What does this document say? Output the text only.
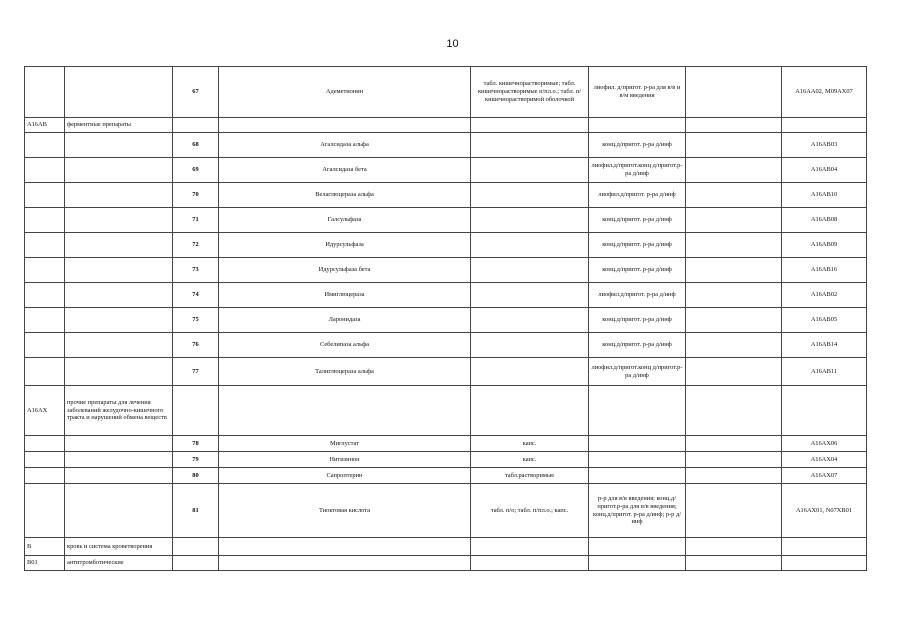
10
		67	Адеметионин	табл. кишечнорастворимые; табл. кишечнорастворимые п/пл.о.; табл. п/кишечнорастворимой оболочкой	лиофил. д/пригот. р-ра для в/в и в/м введения		A16AA02, M09AX07
A16AB	ферментные препараты						
		68	Агалсидаза альфа		конц.д/пригот. р-ра д/инф		A16AB03
		69	Агалсидаза бета		лиофил.д/пригот.конц д/пригот.р-ра д/инф		A16AB04
		70	Велаглюцераза альфа		лиофил.д/пригот. р-ра д/инф		A16AB10
		71	Галсульфаза		конц.д/пригот. р-ра д/инф		A16AB08
		72	Идурсульфаза		конц.д/пригот. р-ра д/инф		A16AB09
		73	Идурсульфаза бета		конц.д/пригот. р-ра д/инф		A16AB16
		74	Имиглюцераза		лиофил.д/пригот. р-ра д/инф		A16AB02
		75	Ларонидаза		конц.д/пригот. р-ра д/инф		A16AB05
		76	Себелипаза альфа		конц.д/пригот. р-ра д/инф		A16AB14
		77	Талиглюцераза альфа		лиофил.д/пригот.конц д/пригот.р-ра д/инф		A16AB11
A16AX	прочие препараты для лечения заболеваний желудочно-кишечного тракта и нарушений обмена веществ						
		78	Миглустат	капс.			A16AX06
		79	Нитизинон	капс.			A16AX04
		80	Сапроптерин	табл.растворимые			A16AX07
		81	Тиоктовая кислота	табл. п/о; табл. п/пл.о.; капс.	р-р для в/в введения; конц.д/пригот.р-ра для в/в введения; конц.д/пригот. р-ра д/инф; р-р д/инф		A16AX01, N07XB01
B	кровь и система кроветворения						
B01	антитромботические						
